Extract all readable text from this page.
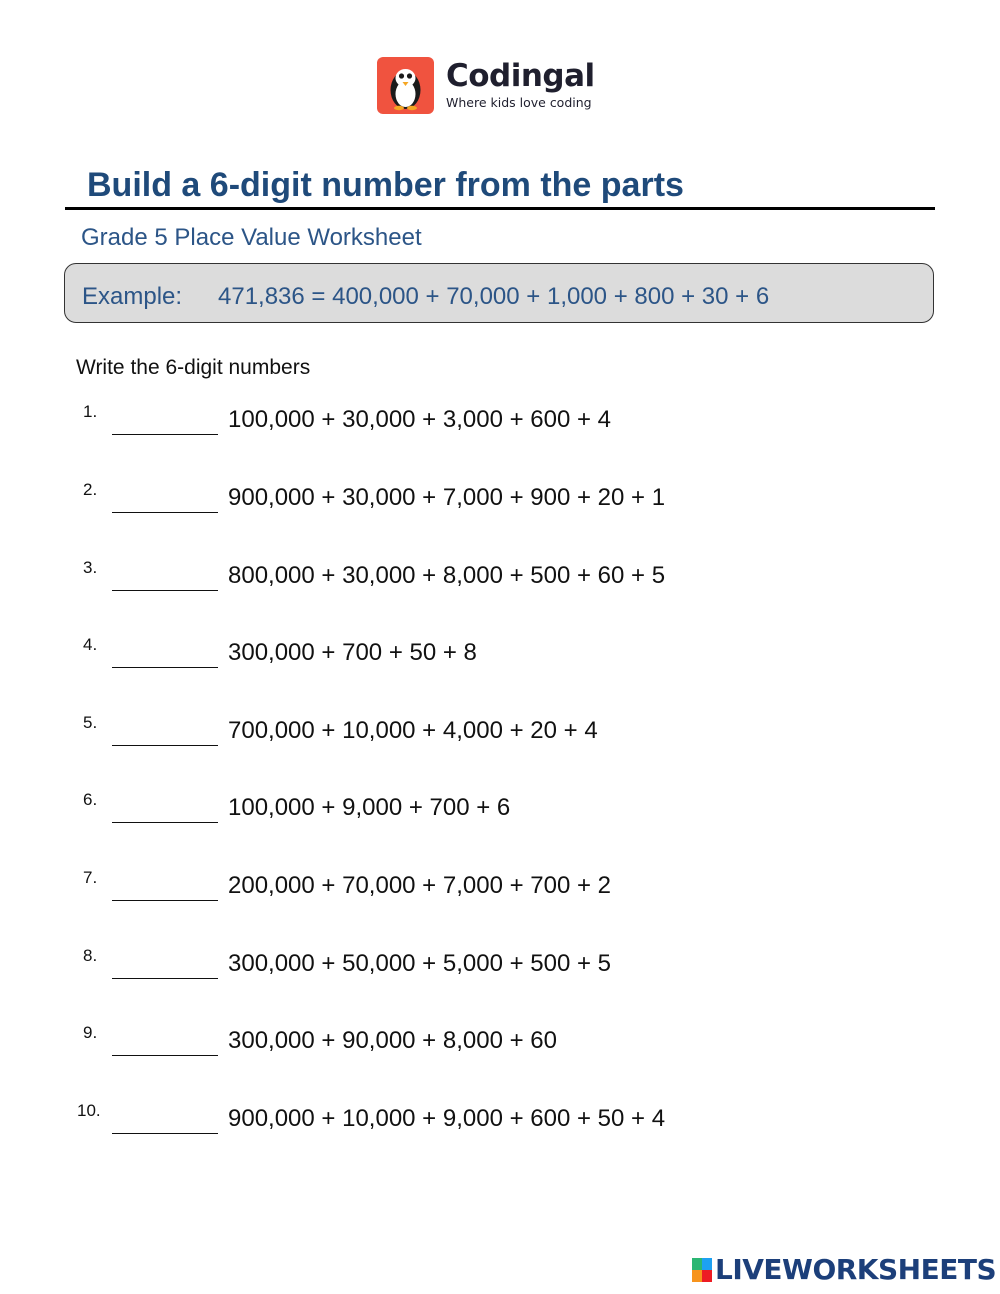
Codingal
Where kids love coding
Build a 6-digit number from the parts
Grade 5 Place Value Worksheet
Example: 471,836 = 400,000 + 70,000 + 1,000 + 800 + 30 + 6
Write the 6-digit numbers
1.	100,000 + 30,000 + 3,000 + 600 + 4
2.	900,000 + 30,000 + 7,000 + 900 + 20 + 1
3.	800,000 + 30,000 + 8,000 + 500 + 60 + 5
4.	300,000 + 700 + 50 + 8
5.	700,000 + 10,000 + 4,000 + 20 + 4
6.	100,000 + 9,000 + 700 + 6
7.	200,000 + 70,000 + 7,000 + 700 + 2
8.	300,000 + 50,000 + 5,000 + 500 + 5
9.	300,000 + 90,000 + 8,000 + 60
10.	900,000 + 10,000 + 9,000 + 600 + 50 + 4
LIVEWORKSHEETS
